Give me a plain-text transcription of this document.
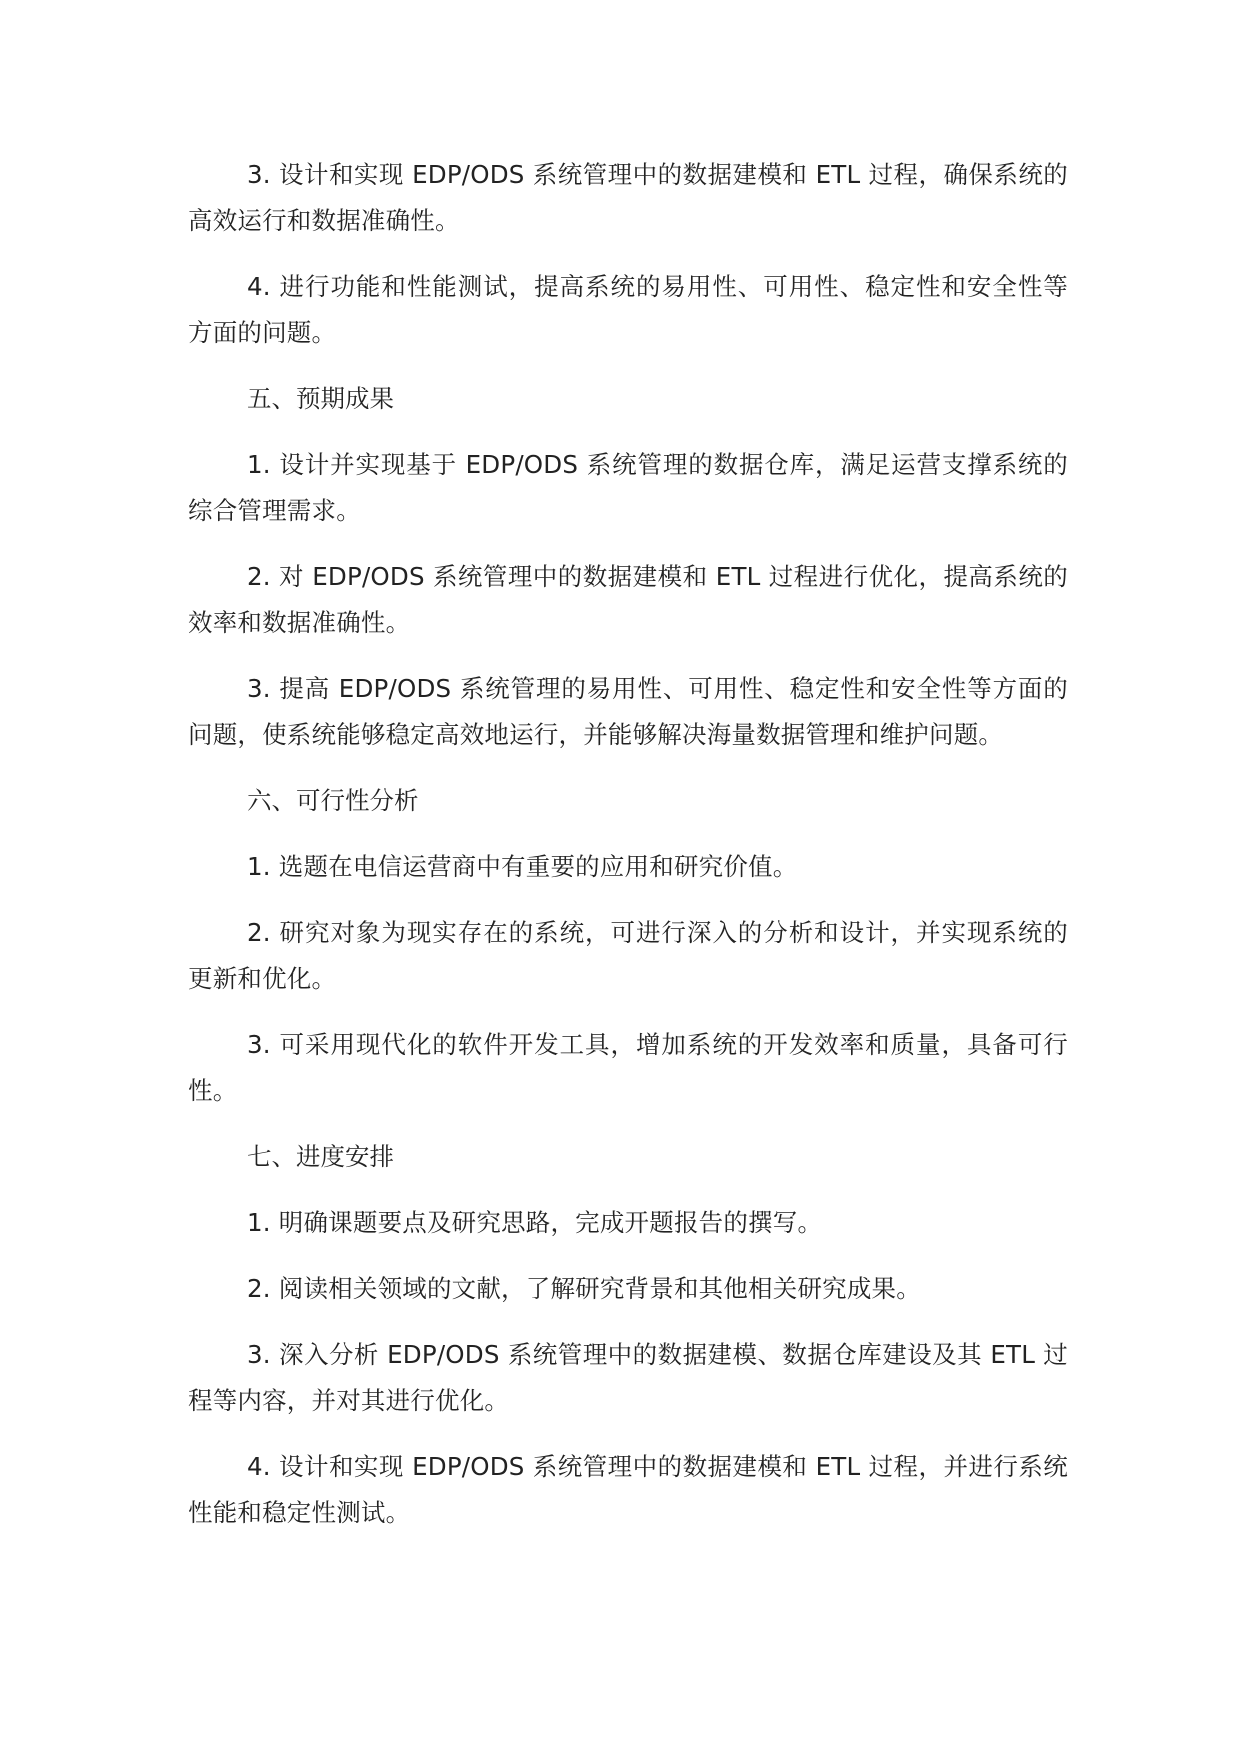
3. 设计和实现 EDP/ODS 系统管理中的数据建模和 ETL 过程，确保系统的高效运行和数据准确性。

4. 进行功能和性能测试，提高系统的易用性、可用性、稳定性和安全性等方面的问题。

五、预期成果

1. 设计并实现基于 EDP/ODS 系统管理的数据仓库，满足运营支撑系统的综合管理需求。

2. 对 EDP/ODS 系统管理中的数据建模和 ETL 过程进行优化，提高系统的效率和数据准确性。

3. 提高 EDP/ODS 系统管理的易用性、可用性、稳定性和安全性等方面的问题，使系统能够稳定高效地运行，并能够解决海量数据管理和维护问题。

六、可行性分析

1. 选题在电信运营商中有重要的应用和研究价值。

2. 研究对象为现实存在的系统，可进行深入的分析和设计，并实现系统的更新和优化。

3. 可采用现代化的软件开发工具，增加系统的开发效率和质量，具备可行性。

七、进度安排

1. 明确课题要点及研究思路，完成开题报告的撰写。

2. 阅读相关领域的文献，了解研究背景和其他相关研究成果。

3. 深入分析 EDP/ODS 系统管理中的数据建模、数据仓库建设及其 ETL 过程等内容，并对其进行优化。

4. 设计和实现 EDP/ODS 系统管理中的数据建模和 ETL 过程，并进行系统性能和稳定性测试。
